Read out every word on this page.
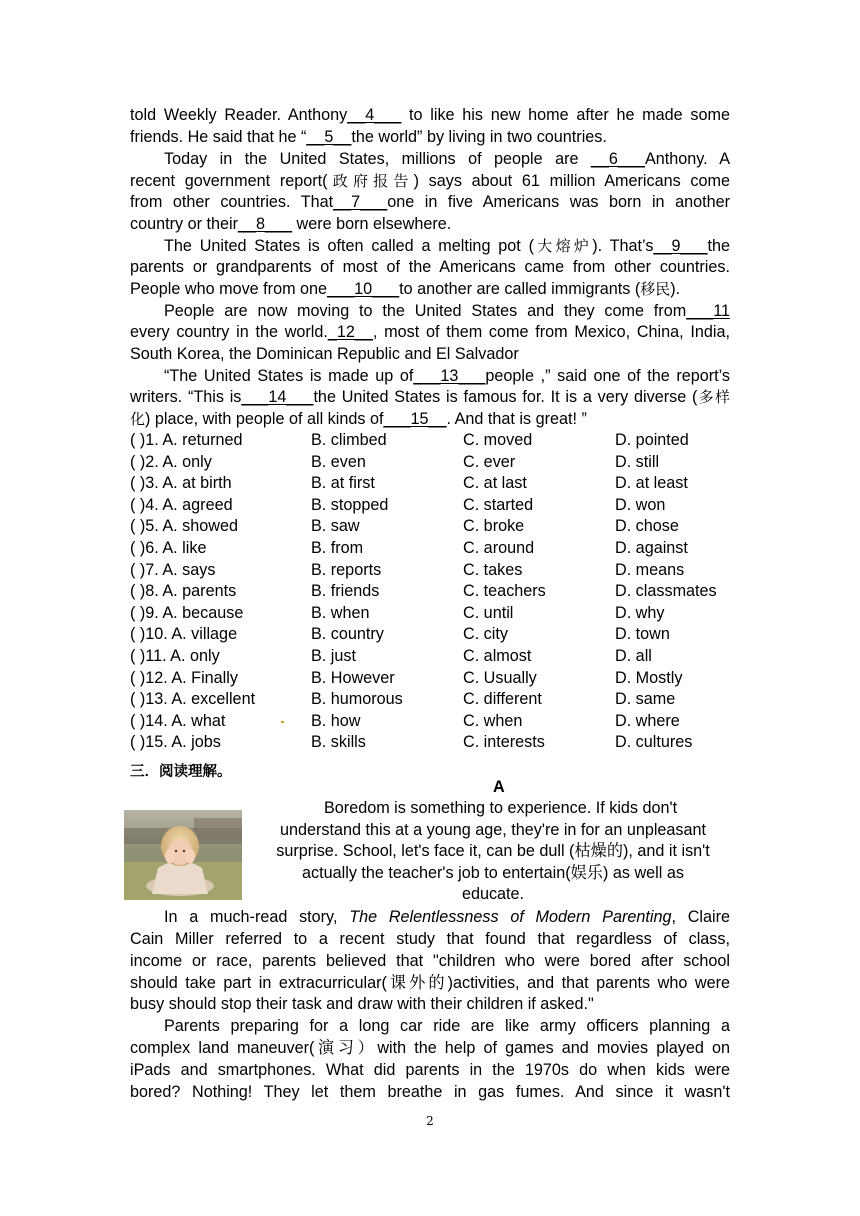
told Weekly Reader. Anthony__4___ to like his new home after he made some
friends. He said that he “__5__the world” by living in two countries.
Today in the United States, millions of people are __6___Anthony. A
recent government report(政府报告) says about 61 million Americans come
from other countries. That__7___one in five Americans was born in another
country or their__8___ were born elsewhere.
The United States is often called a melting pot (大熔炉). That’s__9___the
parents or grandparents of most of the Americans came from other countries.
People who move from one___10___to another are called immigrants (移民).
People are now moving to the United States and they come from___11
every country in the world._12__, most of them come from Mexico, China, India,
South Korea, the Dominican Republic and El Salvador
“The United States is made up of___13___people ,” said one of the report’s
writers. “This is___14___the United States is famous for. It is a very diverse (多样
化) place, with people of all kinds of___15__. And that is great! ”
( )1. A. returned	B. climbed	C. moved	D. pointed
( )2. A. only	B. even	C. ever	D. still
( )3. A. at birth	B. at first	C. at last	D. at least
( )4. A. agreed	B. stopped	C. started	D. won
( )5. A. showed	B. saw	C. broke	D. chose
( )6. A. like	B. from	C. around	D. against
( )7. A. says	B. reports	C. takes	D. means
( )8. A. parents	B. friends	C. teachers	D. classmates
( )9. A. because	B. when	C. until	D. why
( )10. A. village	B. country	C. city	D. town
( )11. A. only	B. just	C. almost	D. all
( )12. A. Finally	B. However	C. Usually	D. Mostly
( )13. A. excellent	B. humorous	C. different	D. same
( )14. A. what	B. how	C. when	D. where
( )15. A. jobs	B. skills	C. interests	D. cultures
三．阅读理解。
A
Boredom is something to experience. If kids don't
understand this at a young age, they're in for an unpleasant
surprise. School, let's face it, can be dull (枯燥的), and it isn't
actually the teacher's job to entertain(娱乐) as well as
educate.
In a much-read story, The Relentlessness of Modern Parenting, Claire
Cain Miller referred to a recent study that found that regardless of class,
income or race, parents believed that "children who were bored after school
should take part in extracurricular(课外的)activities, and that parents who were
busy should stop their task and draw with their children if asked."
Parents preparing for a long car ride are like army officers planning a
complex land maneuver(演习）with the help of games and movies played on
iPads and smartphones. What did parents in the 1970s do when kids were
bored? Nothing! They let them breathe in gas fumes. And since it wasn't
2
